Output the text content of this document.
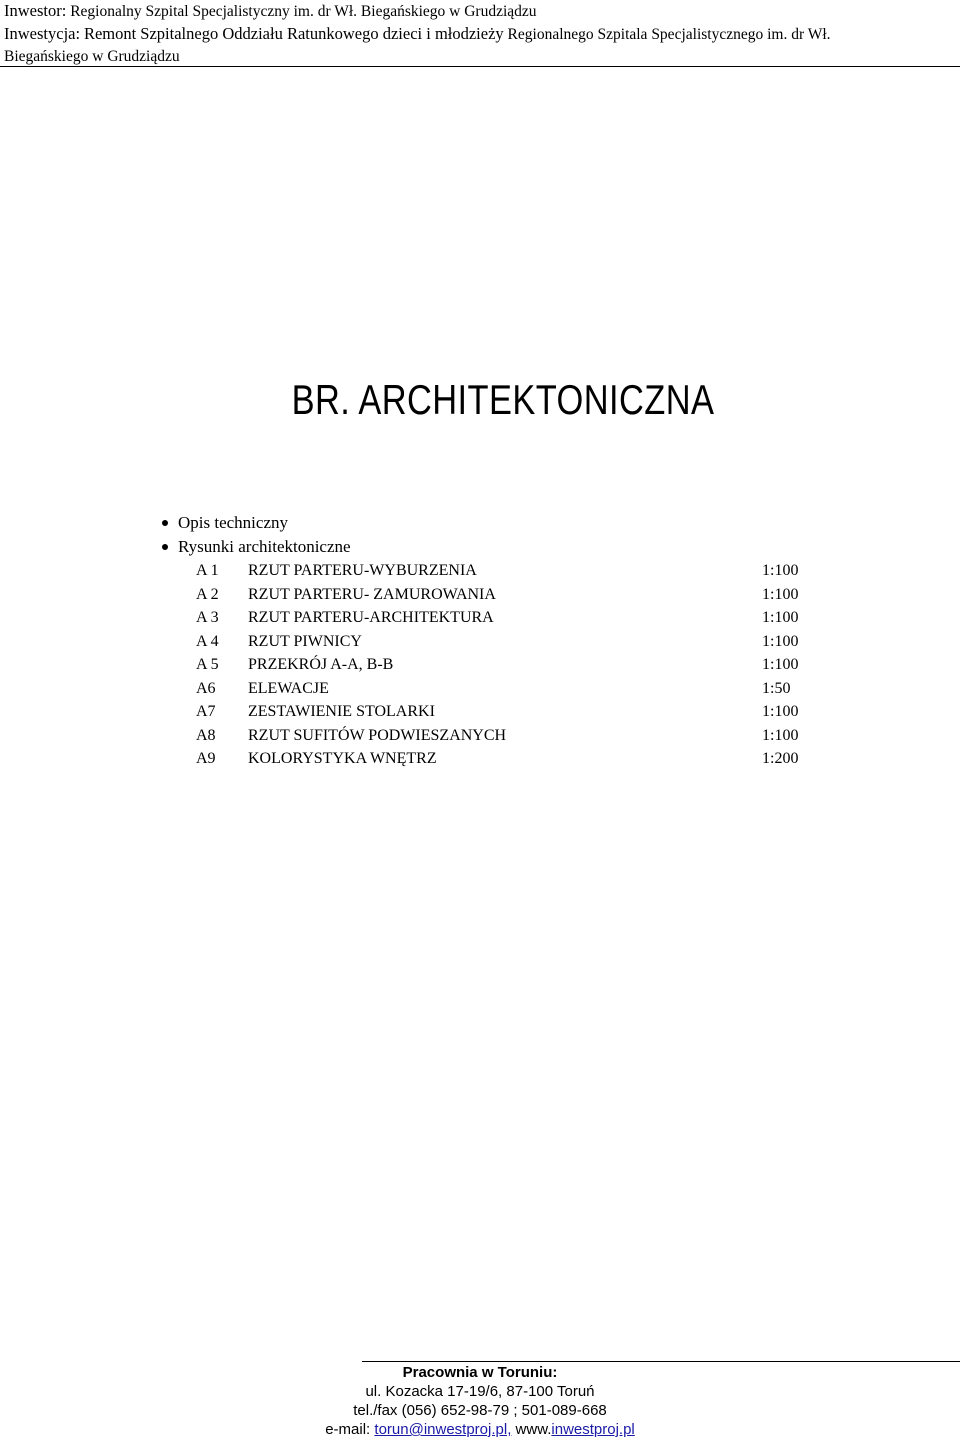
Inwestor: Regionalny Szpital Specjalistyczny im. dr Wł. Biegańskiego w Grudziądzu
Inwestycja: Remont Szpitalnego Oddziału Ratunkowego dzieci i młodzieży Regionalnego Szpitala Specjalistycznego im. dr Wł.
Biegańskiego w Grudziądzu
BR. ARCHITEKTONICZNA
Opis techniczny
Rysunki architektoniczne
A 1 RZUT PARTERU-WYBURZENIA	1:100
A 2 RZUT PARTERU- ZAMUROWANIA	1:100
A 3 RZUT PARTERU-ARCHITEKTURA	1:100
A 4 RZUT PIWNICY	1:100
A 5 PRZEKRÓJ A-A, B-B	1:100
A6 ELEWACJE	1:50
A7 ZESTAWIENIE STOLARKI	1:100
A8 RZUT SUFITÓW PODWIESZANYCH	1:100
A9 KOLORYSTYKA WNĘTRZ	1:200
Pracownia w Toruniu:
ul. Kozacka 17-19/6, 87-100 Toruń
tel./fax (056) 652-98-79 ; 501-089-668
e-mail: torun@inwestproj.pl, www.inwestproj.pl
